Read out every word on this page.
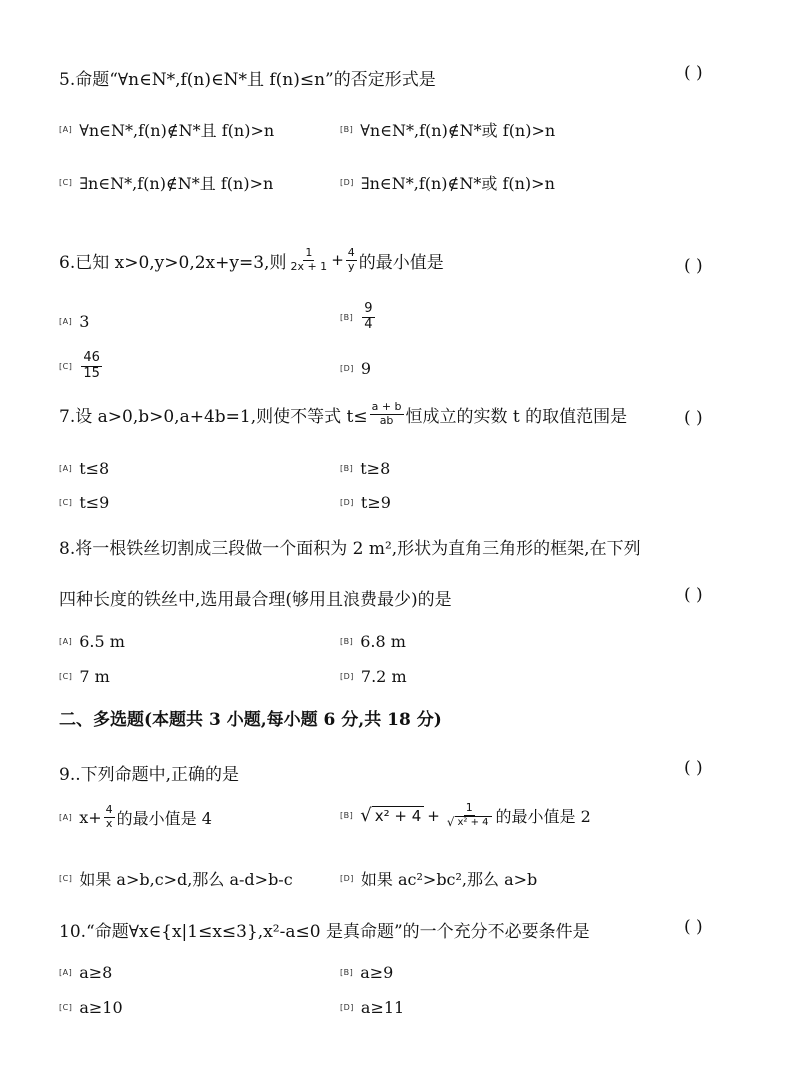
5.命题“∀n∈N*,f(n)∈N*且 f(n)≤n”的否定形式是	( )
[A] ∀n∈N*,f(n)∉N*且 f(n)>n	[B] ∀n∈N*,f(n)∉N*或 f(n)>n
[C] ∃n∈N*,f(n)∉N*且 f(n)>n	[D] ∃n∈N*,f(n)∉N*或 f(n)>n
6.已知 x>0,y>0,2x+y=3,则 $\frac{1}{2x + 1} + \frac{4}{y}$ 的最小值是	( )
[A] 3	$[B] \frac{9}{4}$
$[C] \frac{46}{15}$	[D] 9
7.设 a>0,b>0,a+4b=1,则使不等式 $t\le \frac{a + b}{ab}$ 恒成立的实数 t 的取值范围是	( )
[A] t≤8	[B] t≥8
[C] t≤9	[D] t≥9
8.将一根铁丝切割成三段做一个面积为 2 m²,形状为直角三角形的框架,在下列
四种长度的铁丝中,选用最合理(够用且浪费最少)的是	( )
[A] 6.5 m	[B] 6.8 m
[C] 7 m	[D] 7.2 m
二、多选题(本题共 3 小题,每小题 6 分,共 18 分)
9..下列命题中,正确的是	( )
[A] $x+ \frac{4}{x}$ 的最小值是 4	[B] √ $x^2 + 4 + \frac{1}{\text{√ x² + 4}}$ 的最小值是 2
[C] 如果 a>b,c>d,那么 a-d>b-c	[D] 如果 ac²>bc²,那么 a>b
10.“命题∀x∈{x|1≤x≤3},x²-a≤0 是真命题”的一个充分不必要条件是	( )
[A] a≥8	[B] a≥9
[C] a≥10	[D] a≥11
